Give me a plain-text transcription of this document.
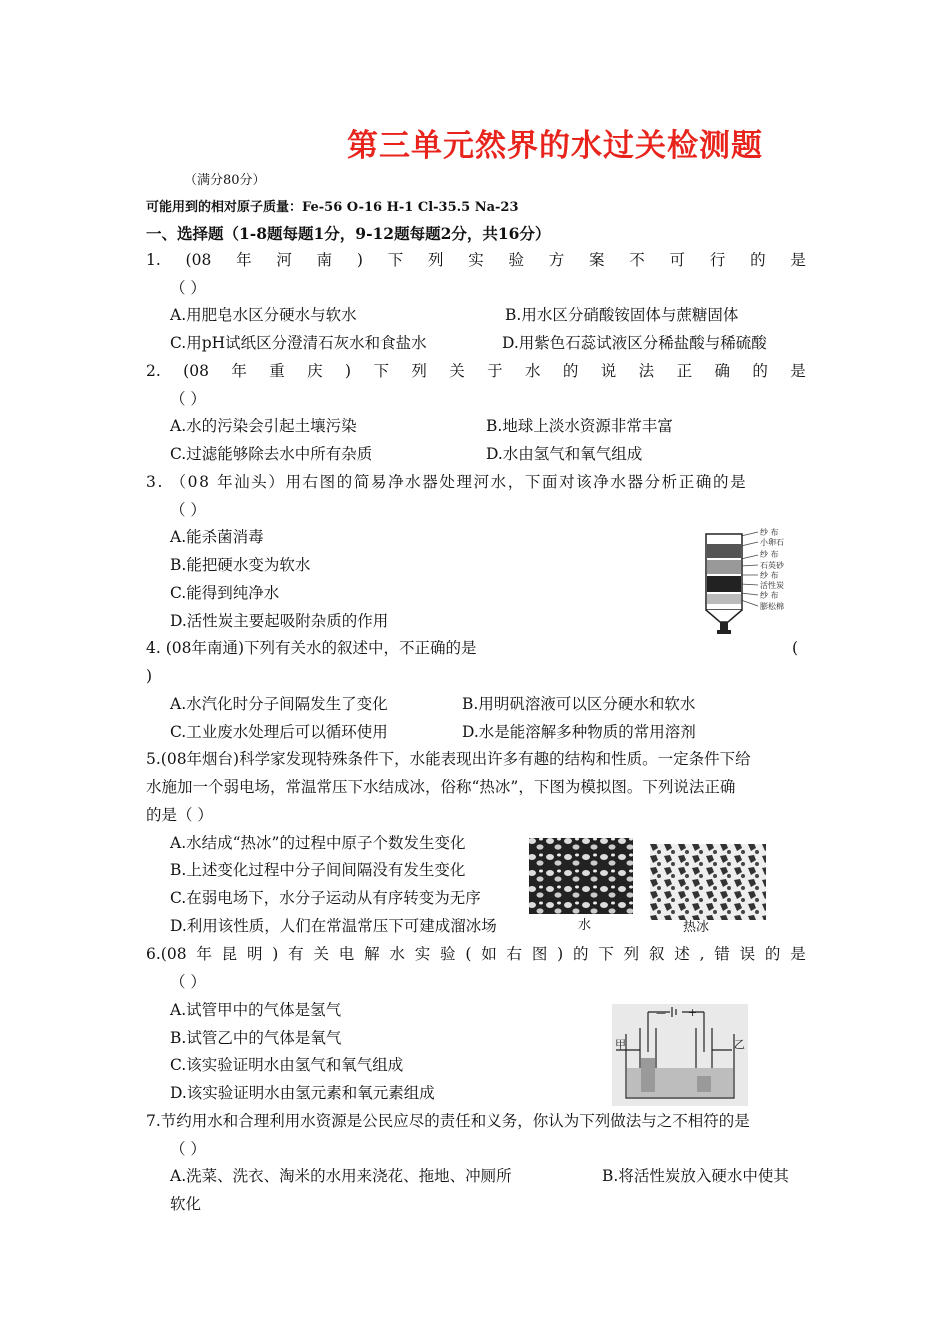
第三单元然界的水过关检测题
（满分80分）
可能用到的相对原子质量：Fe-56 O-16 H-1 Cl-35.5 Na-23
一、选择题（1-8题每题1分，9-12题每题2分，共16分）
1. (08 年 河 南 ) 下 列 实 验 方 案 不 可 行 的 是
（ ）
A.用肥皂水区分硬水与软水	B.用水区分硝酸铵固体与蔗糖固体
C.用pH试纸区分澄清石灰水和食盐水	D.用紫色石蕊试液区分稀盐酸与稀硫酸
2. (08 年 重 庆 ) 下 列 关 于 水 的 说 法 正 确 的 是
（ ）
A.水的污染会引起土壤污染	B.地球上淡水资源非常丰富
C.过滤能够除去水中所有杂质	D.水由氢气和氧气组成
3. （08 年汕头）用右图的简易净水器处理河水，下面对该净水器分析正确的是
（ ）
A.能杀菌消毒
B.能把硬水变为软水
C.能得到纯净水
D.活性炭主要起吸附杂质的作用
纱 布
小卵石
纱 布
石英砂
纱 布
活性炭
纱 布
膨松棉
4. (08年南通)下列有关水的叙述中，不正确的是	(
)
A.水汽化时分子间隔发生了变化	B.用明矾溶液可以区分硬水和软水
C.工业废水处理后可以循环使用	D.水是能溶解多种物质的常用溶剂
5.(08年烟台)科学家发现特殊条件下，水能表现出许多有趣的结构和性质。一定条件下给
水施加一个弱电场，常温常压下水结成冰，俗称“热冰”，下图为模拟图。下列说法正确
的是（ ）
A.水结成“热冰”的过程中原子个数发生变化
B.上述变化过程中分子间间隔没有发生变化
C.在弱电场下，水分子运动从有序转变为无序
D.利用该性质，人们在常温常压下可建成溜冰场	水	热冰
6.(08 年 昆 明 ) 有 关 电 解 水 实 验 ( 如 右 图 ) 的 下 列 叙 述 , 错 误 的 是
（ ）
A.试管甲中的气体是氢气
B.试管乙中的气体是氧气
C.该实验证明水由氢气和氧气组成
D.该实验证明水由氢元素和氧元素组成
甲	乙
— +
7.节约用水和合理利用水资源是公民应尽的责任和义务，你认为下列做法与之不相符的是
（ ）
A.洗菜、洗衣、淘米的水用来浇花、拖地、冲厕所	B.将活性炭放入硬水中使其
软化
